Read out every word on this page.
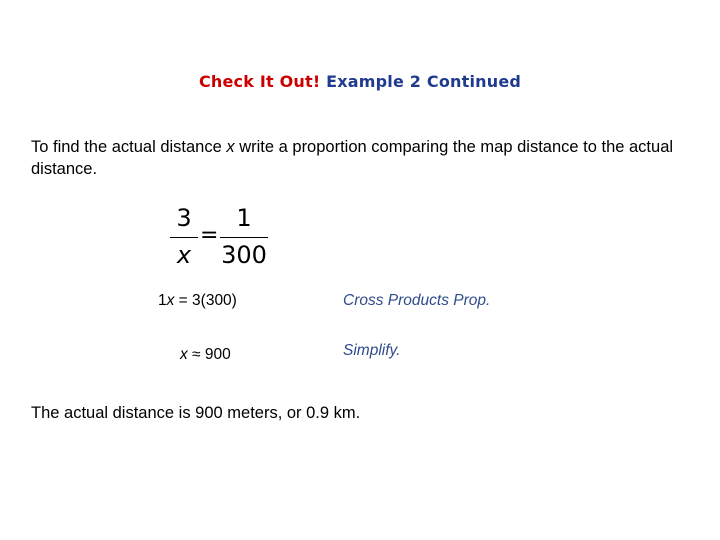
Check It Out! Example 2 Continued
To find the actual distance x write a proportion comparing the map distance to the actual distance.
3
x
=
1
300
1x = 3(300)	Cross Products Prop.
x ≈ 900	Simplify.
The actual distance is 900 meters, or 0.9 km.
